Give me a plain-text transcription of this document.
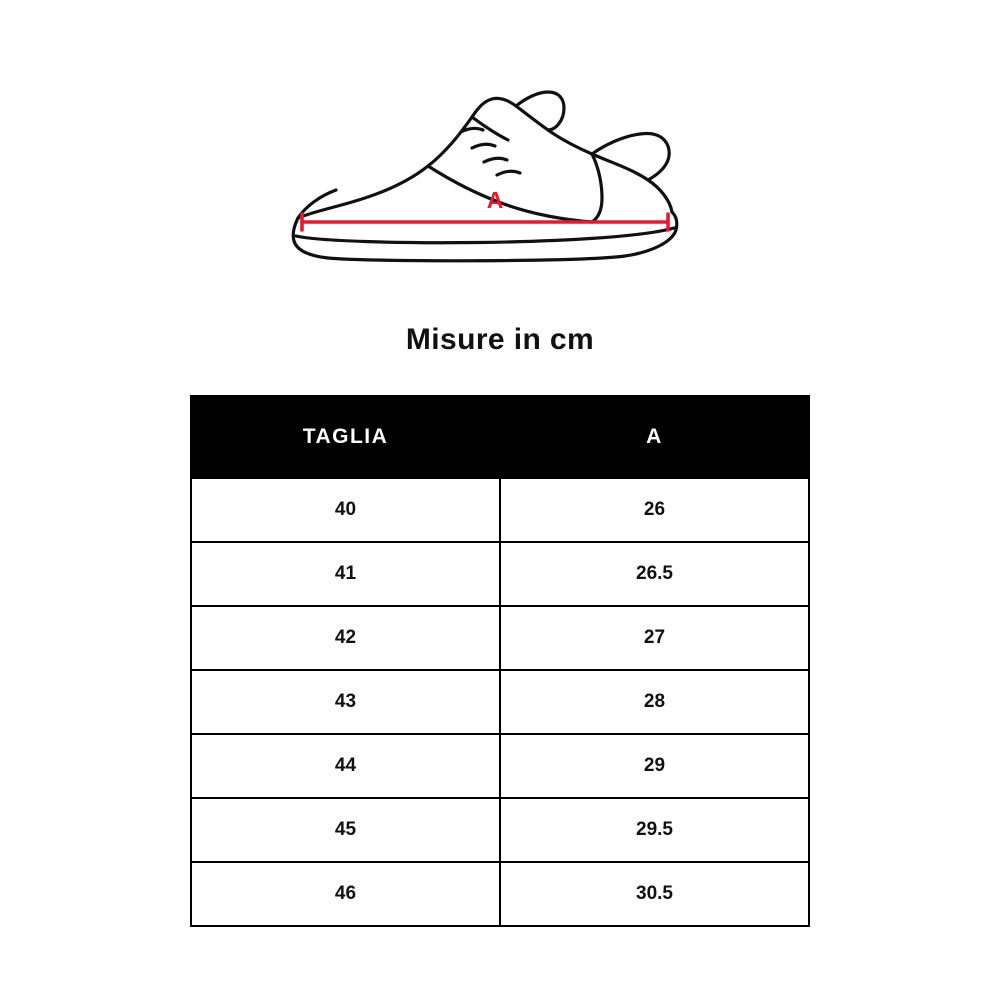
A
Misure in cm
TAGLIA	A
40	26
41	26.5
42	27
43	28
44	29
45	29.5
46	30.5
